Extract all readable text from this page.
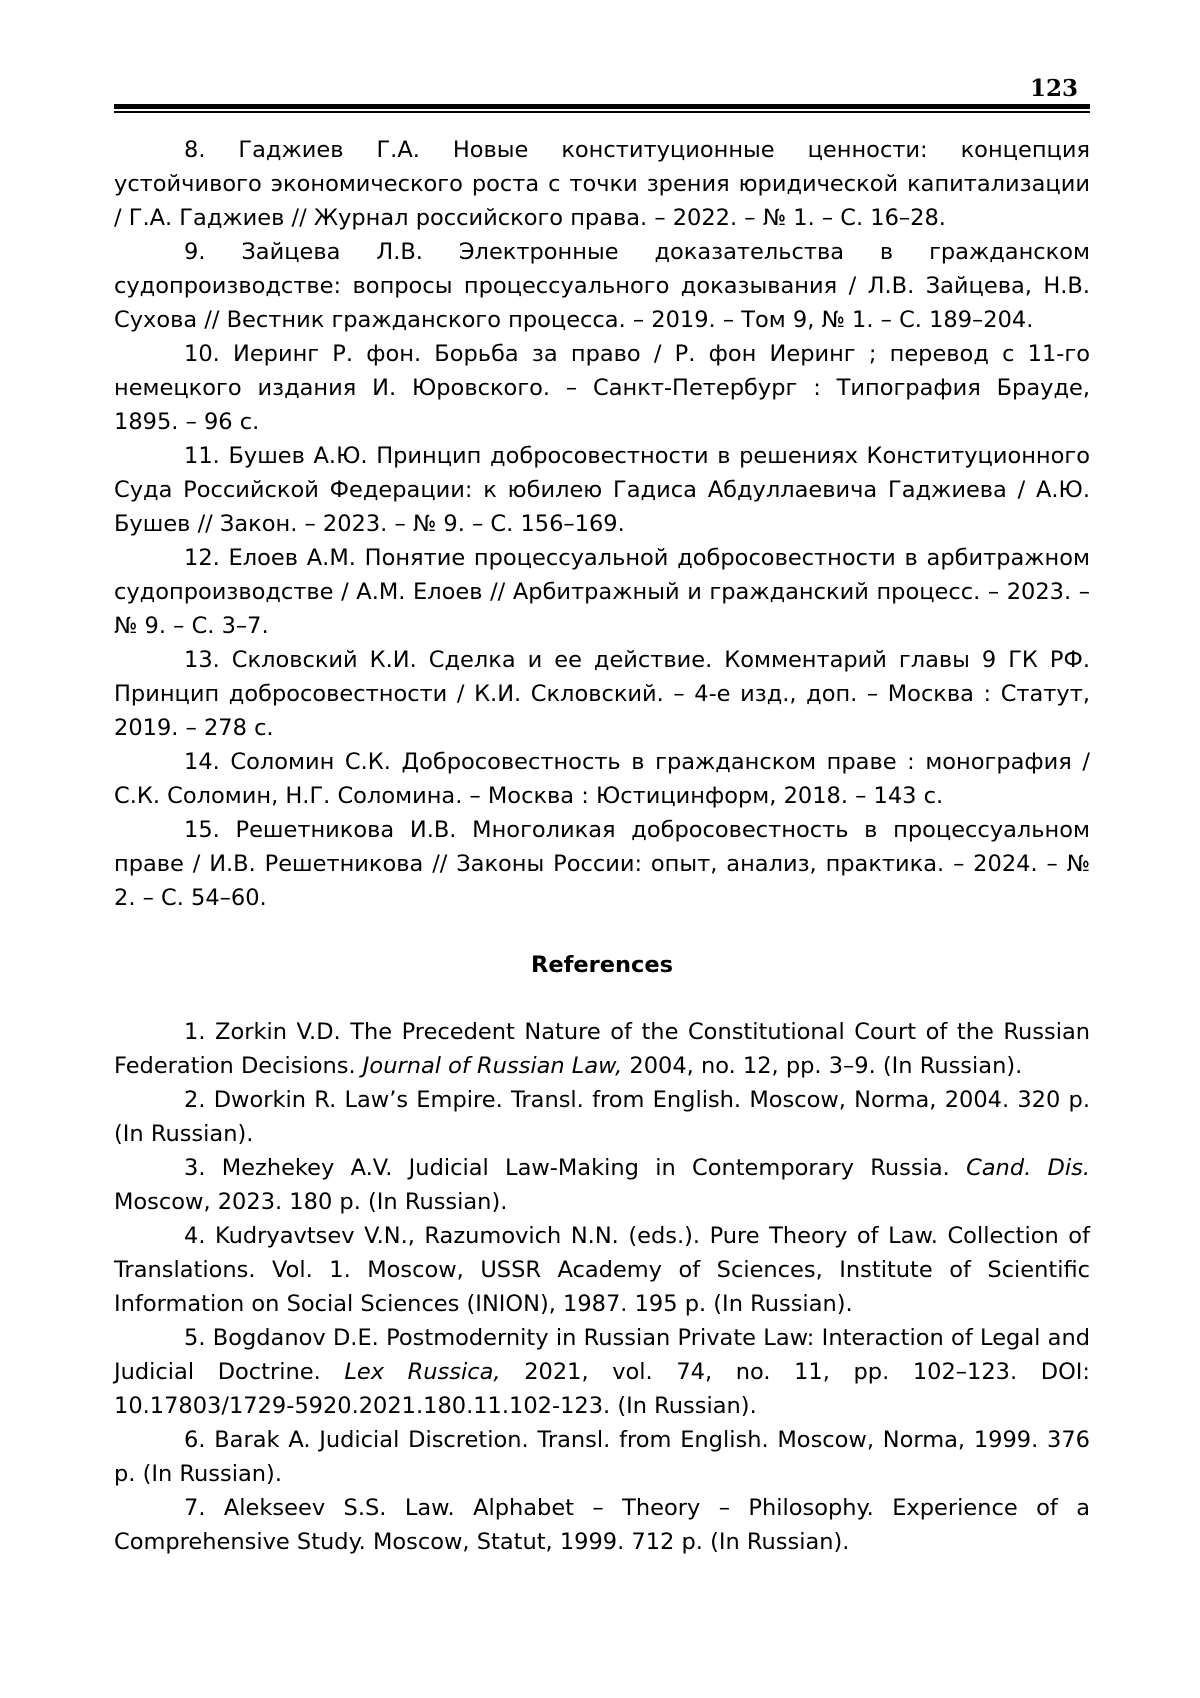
123

8. Гаджиев Г.А. Новые конституционные ценности: концепция устойчивого экономического роста с точки зрения юридической капитализации / Г.А. Гаджиев // Журнал российского права. – 2022. – № 1. – С. 16–28.

9. Зайцева Л.В. Электронные доказательства в гражданском судопроизводстве: вопросы процессуального доказывания / Л.В. Зайцева, Н.В. Сухова // Вестник гражданского процесса. – 2019. – Том 9, № 1. – С. 189–204.

10. Иеринг Р. фон. Борьба за право / Р. фон Иеринг ; перевод с 11-го немецкого издания И. Юровского. – Санкт-Петербург : Типография Брауде, 1895. – 96 с.

11. Бушев А.Ю. Принцип добросовестности в решениях Конституционного Суда Российской Федерации: к юбилею Гадиса Абдуллаевича Гаджиева / А.Ю. Бушев // Закон. – 2023. – № 9. – С. 156–169.

12. Елоев А.М. Понятие процессуальной добросовестности в арбитражном судопроизводстве / А.М. Елоев // Арбитражный и гражданский процесс. – 2023. – № 9. – С. 3–7.

13. Скловский К.И. Сделка и ее действие. Комментарий главы 9 ГК РФ. Принцип добросовестности / К.И. Скловский. – 4-е изд., доп. – Москва : Статут, 2019. – 278 с.

14. Соломин С.К. Добросовестность в гражданском праве : монография / С.К. Соломин, Н.Г. Соломина. – Москва : Юстицинформ, 2018. – 143 с.

15. Решетникова И.В. Многоликая добросовестность в процессуальном праве / И.В. Решетникова // Законы России: опыт, анализ, практика. – 2024. – № 2. – С. 54–60.

References

1. Zorkin V.D. The Precedent Nature of the Constitutional Court of the Russian Federation Decisions. Journal of Russian Law, 2004, no. 12, pp. 3–9. (In Russian).

2. Dworkin R. Law’s Empire. Transl. from English. Moscow, Norma, 2004. 320 p. (In Russian).

3. Mezhekey A.V. Judicial Law-Making in Contemporary Russia. Cand. Dis. Moscow, 2023. 180 p. (In Russian).

4. Kudryavtsev V.N., Razumovich N.N. (eds.). Pure Theory of Law. Collection of Translations. Vol. 1. Moscow, USSR Academy of Sciences, Institute of Scientific Information on Social Sciences (INION), 1987. 195 p. (In Russian).

5. Bogdanov D.E. Postmodernity in Russian Private Law: Interaction of Legal and Judicial Doctrine. Lex Russica, 2021, vol. 74, no. 11, pp. 102–123. DOI: 10.17803/1729-5920.2021.180.11.102-123. (In Russian).

6. Barak A. Judicial Discretion. Transl. from English. Moscow, Norma, 1999. 376 p. (In Russian).

7. Alekseev S.S. Law. Alphabet – Theory – Philosophy. Experience of a Comprehensive Study. Moscow, Statut, 1999. 712 p. (In Russian).
